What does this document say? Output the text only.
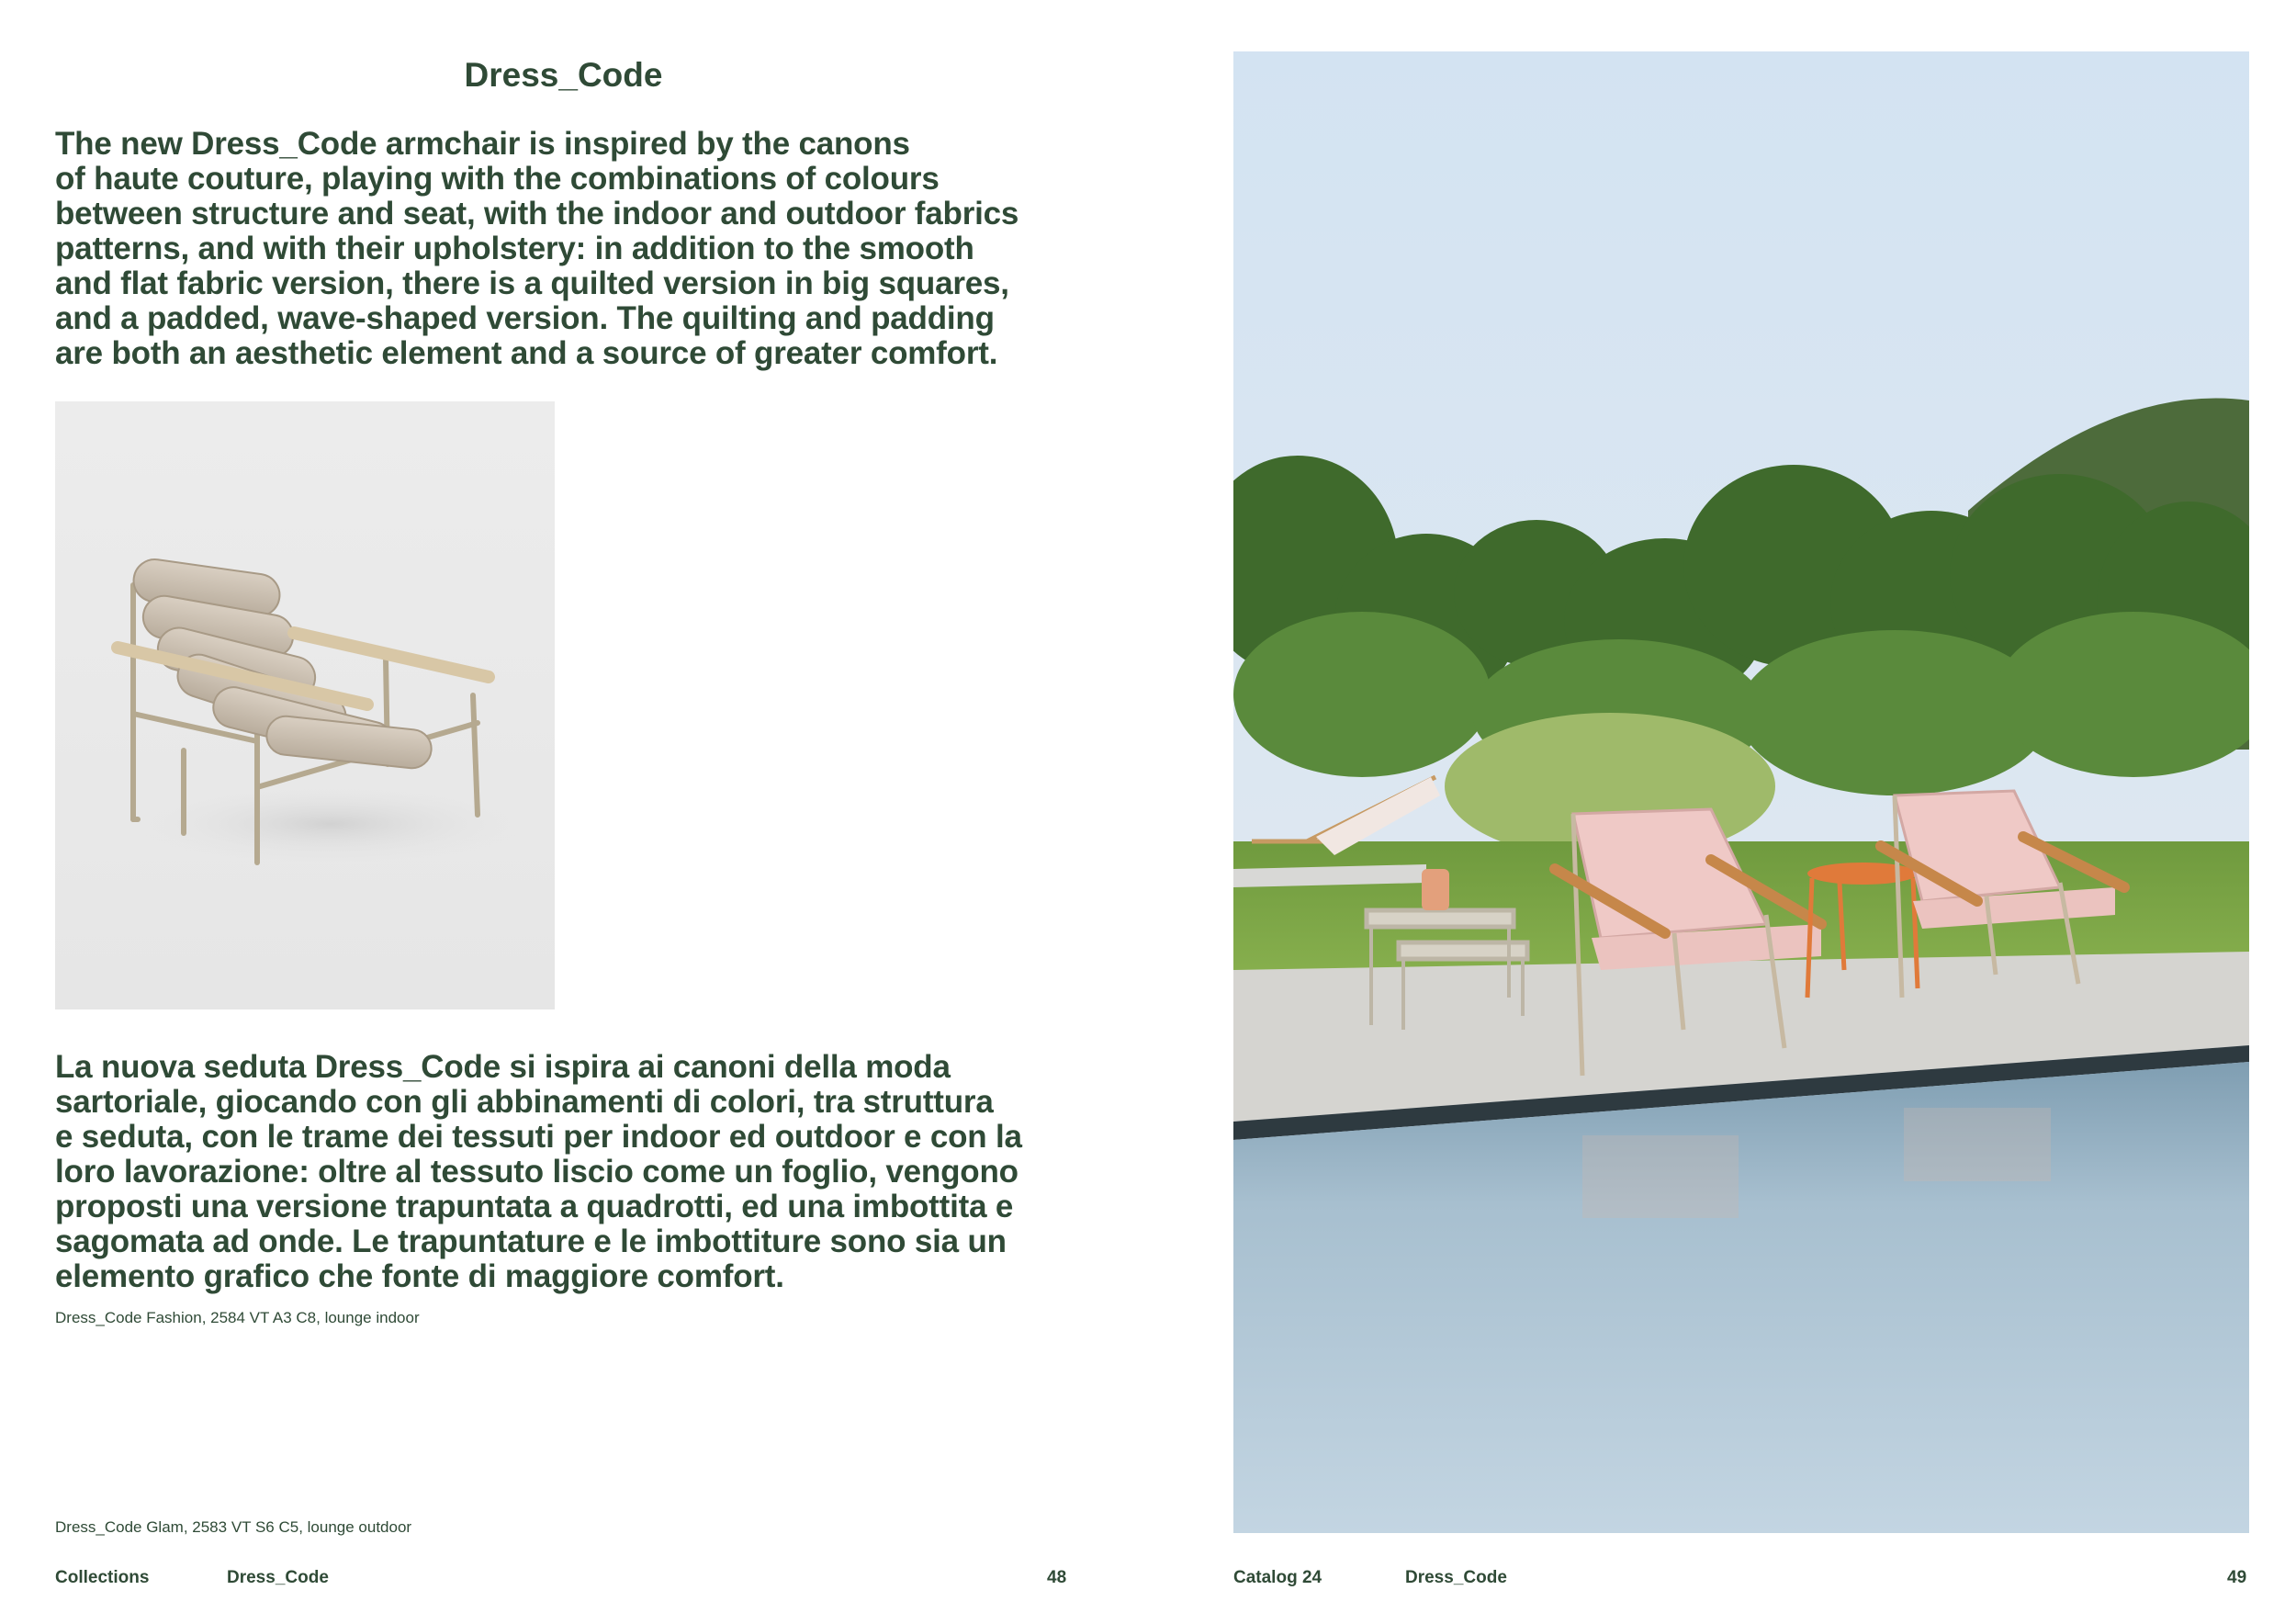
Dress_Code
The new Dress_Code armchair is inspired by the canons
of haute couture, playing with the combinations of colours
between structure and seat, with the indoor and outdoor fabrics
patterns, and with their upholstery: in addition to the smooth
and flat fabric version, there is a quilted version in big squares,
and a padded, wave-shaped version. The quilting and padding
are both an aesthetic element and a source of greater comfort.
La nuova seduta Dress_Code si ispira ai canoni della moda
sartoriale, giocando con gli abbinamenti di colori, tra struttura
e seduta, con le trame dei tessuti per indoor ed outdoor e con la
loro lavorazione: oltre al tessuto liscio come un foglio, vengono
proposti una versione trapuntata a quadrotti, ed una imbottita e
sagomata ad onde. Le trapuntature e le imbottiture sono sia un
elemento grafico che fonte di maggiore comfort.
Dress_Code Fashion, 2584 VT A3 C8, lounge indoor
Dress_Code Glam, 2583 VT S6 C5, lounge outdoor
Collections	Dress_Code	48	Catalog 24	Dress_Code	49
